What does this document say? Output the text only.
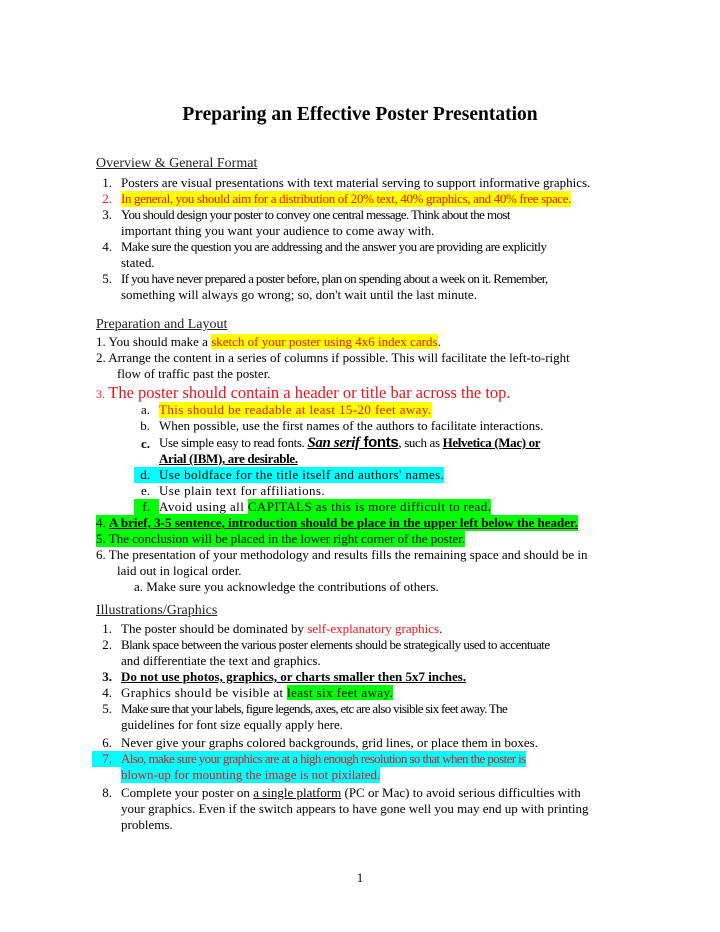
Preparing an Effective Poster Presentation
Overview & General Format
1. Posters are visual presentations with text material serving to support informative graphics.
2. In general, you should aim for a distribution of 20% text, 40% graphics, and 40% free space.
3. You should design your poster to convey one central message. Think about the most
important thing you want your audience to come away with.
4. Make sure the question you are addressing and the answer you are providing are explicitly
stated.
5. If you have never prepared a poster before, plan on spending about a week on it. Remember,
something will always go wrong; so, don't wait until the last minute.
Preparation and Layout
1. You should make a sketch of your poster using 4x6 index cards.
2. Arrange the content in a series of columns if possible. This will facilitate the left-to-right
flow of traffic past the poster.
3. The poster should contain a header or title bar across the top.
a. This should be readable at least 15-20 feet away.
b. When possible, use the first names of the authors to facilitate interactions.
c. Use simple easy to read fonts. San serif fonts, such as Helvetica (Mac) or
Arial (IBM), are desirable.
d. Use boldface for the title itself and authors' names.
e. Use plain text for affiliations.
f. Avoid using all CAPITALS as this is more difficult to read.
4. A brief, 3-5 sentence, introduction should be place in the upper left below the header.
5. The conclusion will be placed in the lower right corner of the poster.
6. The presentation of your methodology and results fills the remaining space and should be in
laid out in logical order.
a. Make sure you acknowledge the contributions of others.
Illustrations/Graphics
1. The poster should be dominated by self-explanatory graphics.
2. Blank space between the various poster elements should be strategically used to accentuate
and differentiate the text and graphics.
3. Do not use photos, graphics, or charts smaller then 5x7 inches.
4. Graphics should be visible at least six feet away.
5. Make sure that your labels, figure legends, axes, etc are also visible six feet away. The
guidelines for font size equally apply here.
6. Never give your graphs colored backgrounds, grid lines, or place them in boxes.
7. Also, make sure your graphics are at a high enough resolution so that when the poster is
blown-up for mounting the image is not pixilated.
8. Complete your poster on a single platform (PC or Mac) to avoid serious difficulties with
your graphics. Even if the switch appears to have gone well you may end up with printing
problems.
1
